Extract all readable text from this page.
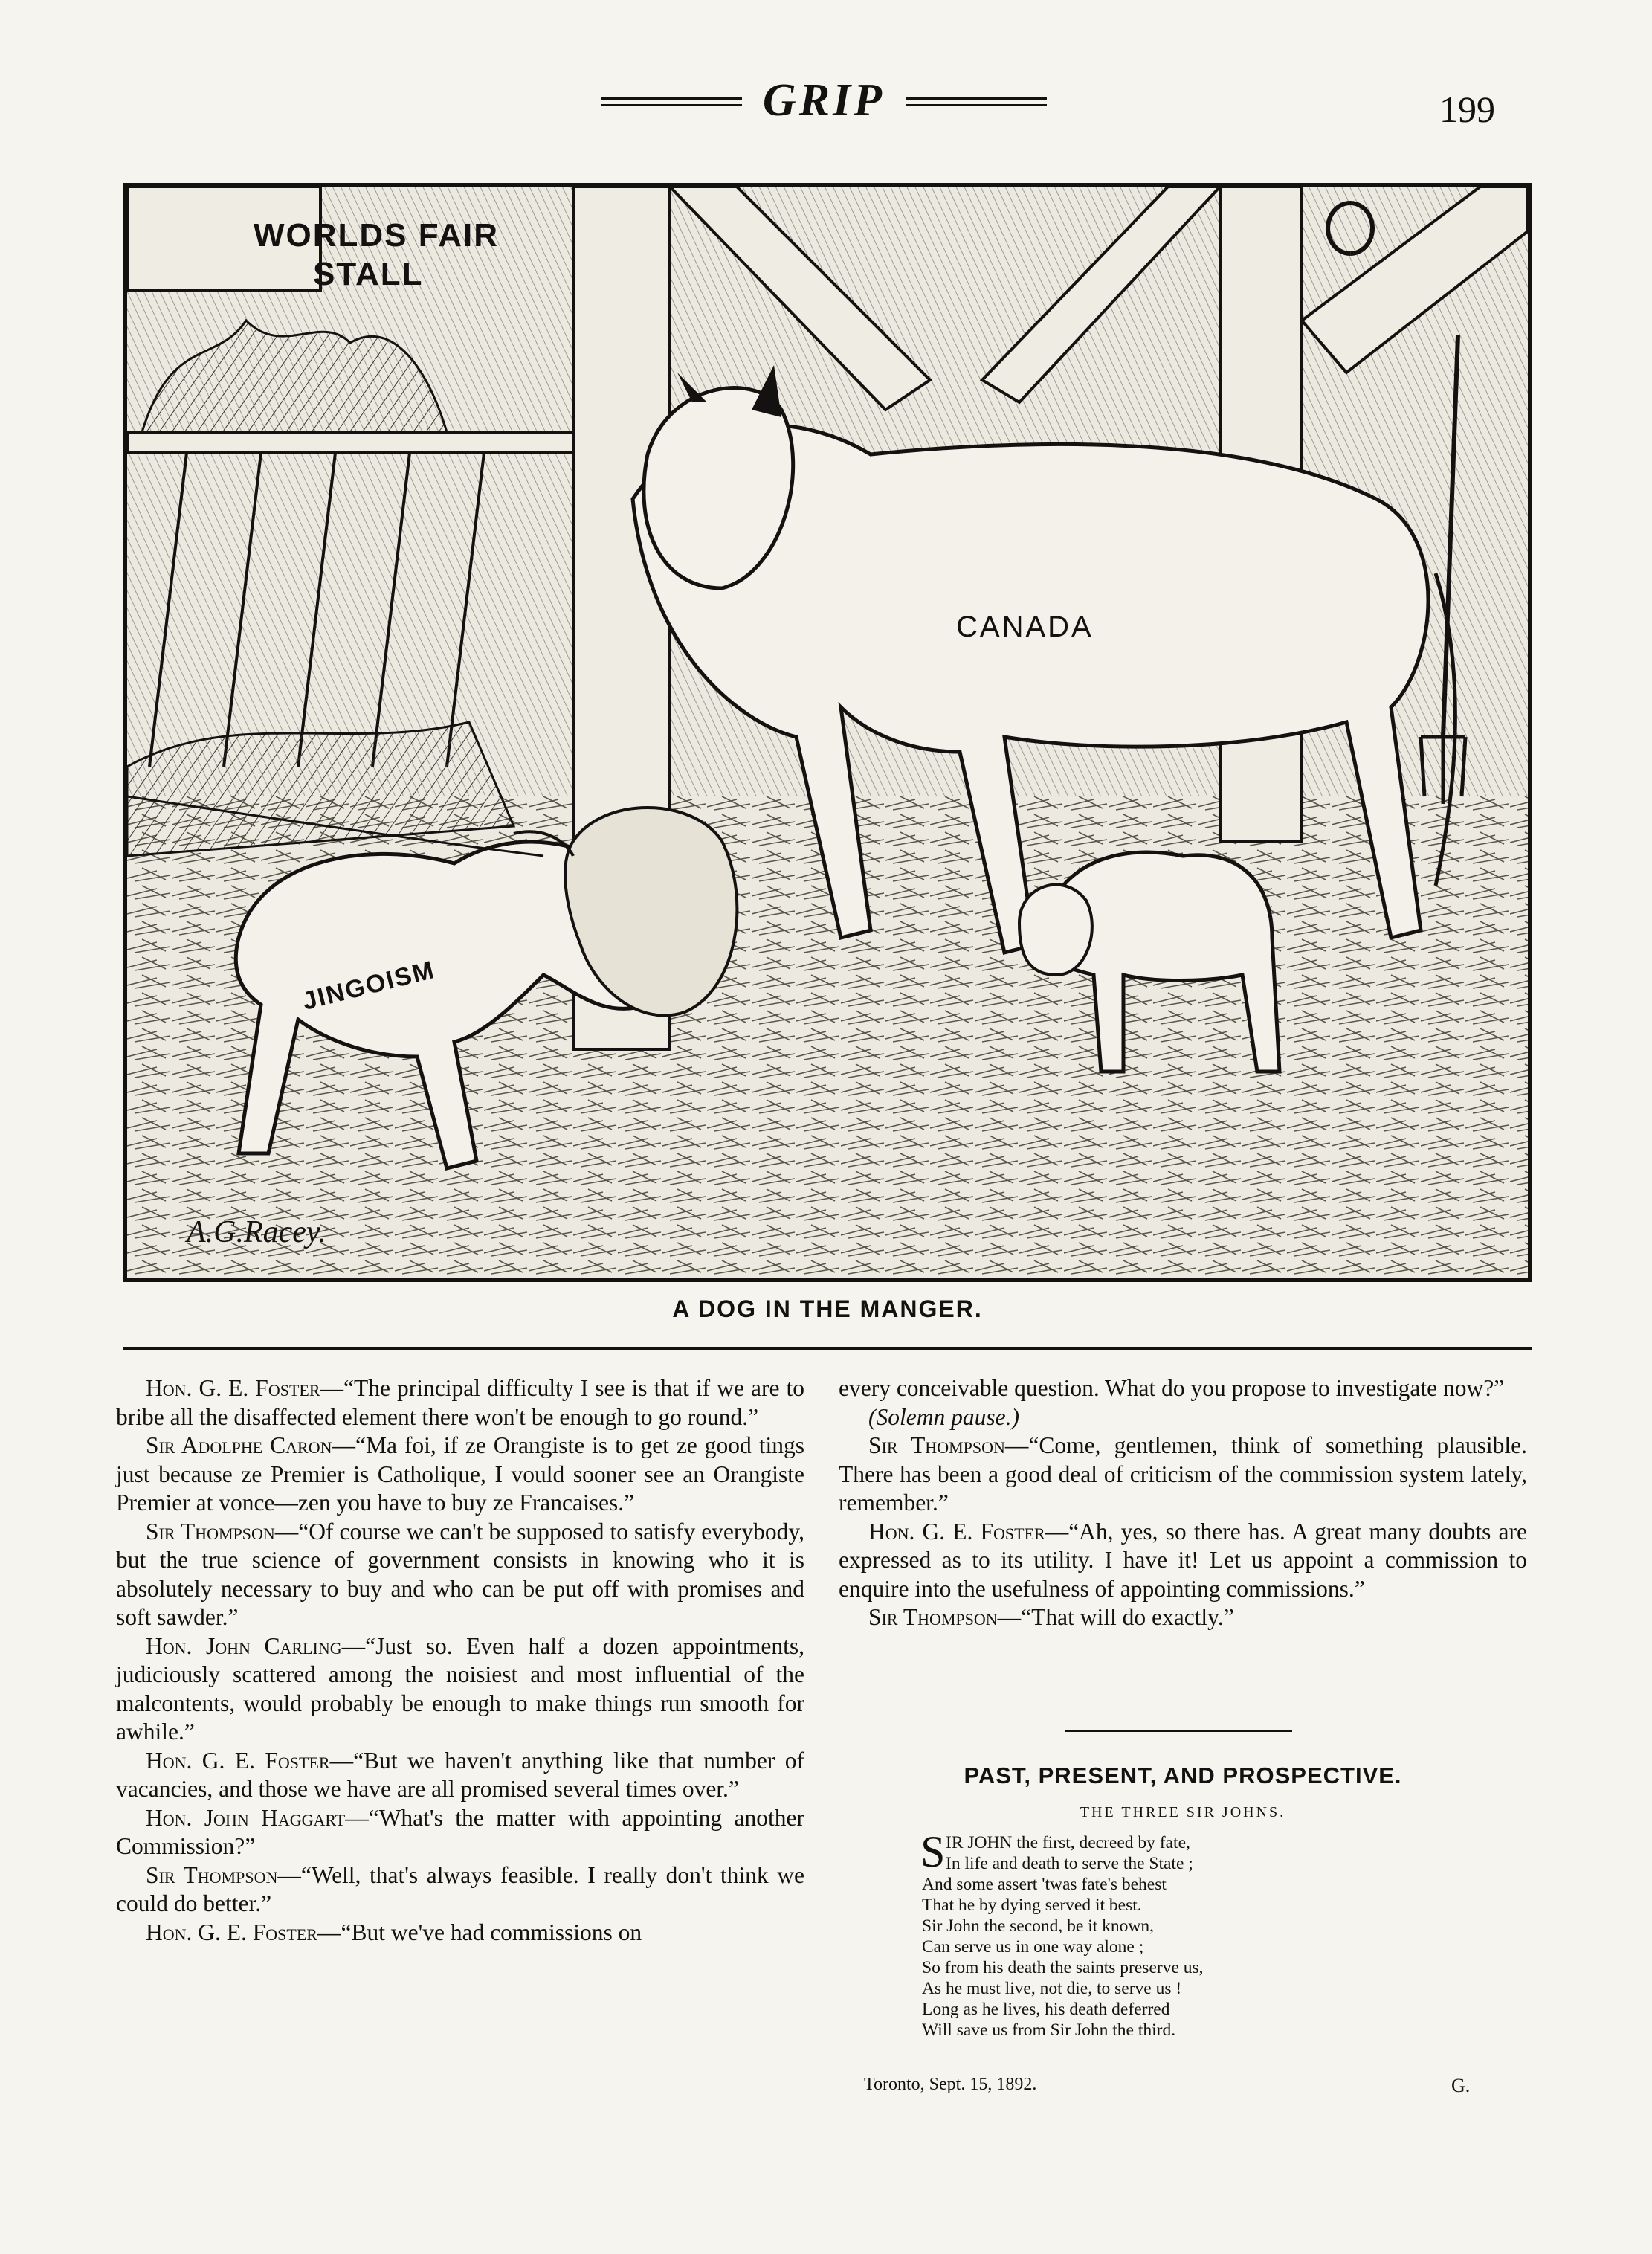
GRIP	199
WORLDS FAIR
STALL
CANADA
JINGOISM
A.G.Racey.
A DOG IN THE MANGER.

Hon. G. E. Foster—“The principal difficulty I see is that if we are to bribe all the disaffected element there won't be enough to go round.”

Sir Adolphe Caron—“Ma foi, if ze Orangiste is to get ze good tings just because ze Premier is Catholique, I vould sooner see an Orangiste Premier at vonce—zen you have to buy ze Francaises.”

Sir Thompson—“Of course we can't be supposed to satisfy everybody, but the true science of government consists in knowing who it is absolutely necessary to buy and who can be put off with promises and soft sawder.”

Hon. John Carling—“Just so. Even half a dozen appointments, judiciously scattered among the noisiest and most influential of the malcontents, would probably be enough to make things run smooth for awhile.”

Hon. G. E. Foster—“But we haven't anything like that number of vacancies, and those we have are all promised several times over.”

Hon. John Haggart—“What's the matter with appointing another Commission?”

Sir Thompson—“Well, that's always feasible. I really don't think we could do better.”

Hon. G. E. Foster—“But we've had commissions on

every conceivable question. What do you propose to investigate now?”

(Solemn pause.)

Sir Thompson—“Come, gentlemen, think of something plausible. There has been a good deal of criticism of the commission system lately, remember.”

Hon. G. E. Foster—“Ah, yes, so there has. A great many doubts are expressed as to its utility. I have it! Let us appoint a commission to enquire into the usefulness of appointing commissions.”

Sir Thompson—“That will do exactly.”

PAST, PRESENT, AND PROSPECTIVE.
THE THREE SIR JOHNS.
S IR JOHN the first, decreed by fate,
In life and death to serve the State ;
And some assert 'twas fate's behest
That he by dying served it best.
Sir John the second, be it known,
Can serve us in one way alone ;
So from his death the saints preserve us,
As he must live, not die, to serve us !
Long as he lives, his death deferred
Will save us from Sir John the third.
Toronto, Sept. 15, 1892.	G.
